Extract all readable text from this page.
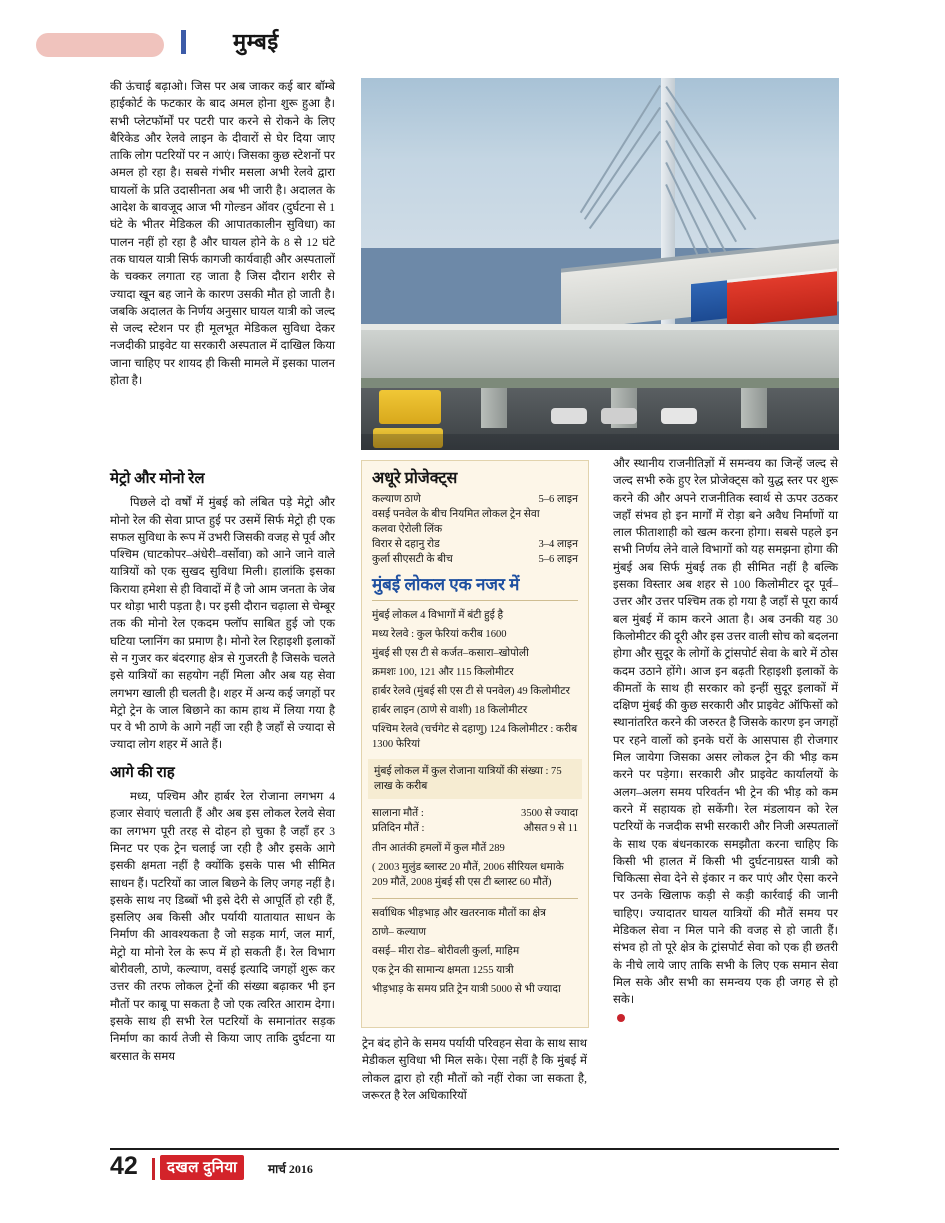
मुम्बई

की ऊंचाई बढ़ाओ। जिस पर अब जाकर कई बार बॉम्बे हाईकोर्ट के फटकार के बाद अमल होना शुरू हुआ है। सभी प्लेटफॉर्मों पर पटरी पार करने से रोकने के लिए बैरिकेड और रेलवे लाइन के दीवारों से घेर दिया जाए ताकि लोग पटरियों पर न आएं। जिसका कुछ स्टेशनों पर अमल हो रहा है। सबसे गंभीर मसला अभी रेलवे द्वारा घायलों के प्रति उदासीनता अब भी जारी है। अदालत के आदेश के बावजूद आज भी गोल्डन ऑवर (दुर्घटना से 1 घंटे के भीतर मेडिकल की आपातकालीन सुविधा) का पालन नहीं हो रहा है और घायल होने के 8 से 12 घंटे तक घायल यात्री सिर्फ कागजी कार्यवाही और अस्पतालों के चक्कर लगाता रह जाता है जिस दौरान शरीर से ज्यादा खून बह जाने के कारण उसकी मौत हो जाती है। जबकि अदालत के निर्णय अनुसार घायल यात्री को जल्द से जल्द स्टेशन पर ही मूलभूत मेडिकल सुविधा देकर नजदीकी प्राइवेट या सरकारी अस्पताल में दाखिल किया जाना चाहिए पर शायद ही किसी मामले में इसका पालन होता है।

मेट्रो और मोनो रेल

पिछले दो वर्षों में मुंबई को लंबित पड़े मेट्रो और मोनो रेल की सेवा प्राप्त हुई पर उसमें सिर्फ मेट्रो ही एक सफल सुविधा के रूप में उभरी जिसकी वजह से पूर्व और पश्चिम (घाटकोपर–अंधेरी–वर्सोवा) को आने जाने वाले यात्रियों को एक सुखद सुविधा मिली। हालांकि इसका किराया हमेशा से ही विवादों में है जो आम जनता के जेब पर थोड़ा भारी पड़ता है। पर इसी दौरान चढ़ाला से चेम्बूर तक की मोनो रेल एकदम फ्लॉप साबित हुई जो एक घटिया प्लानिंग का प्रमाण है। मोनो रेल रिहाइशी इलाकों से न गुजर कर बंदरगाह क्षेत्र से गुजरती है जिसके चलते इसे यात्रियों का सहयोग नहीं मिला और अब यह सेवा लगभग खाली ही चलती है। शहर में अन्य कई जगहों पर मेट्रो ट्रेन के जाल बिछाने का काम हाथ में लिया गया है पर वे भी ठाणे के आगे नहीं जा रही है जहाँ से ज्यादा से ज्यादा लोग शहर में आते हैं।

आगे की राह

मध्य, पश्चिम और हार्बर रेल रोजाना लगभग 4 हजार सेवाएं चलाती हैं और अब इस लोकल रेलवे सेवा का लगभग पूरी तरह से दोहन हो चुका है जहाँ हर 3 मिनट पर एक ट्रेन चलाई जा रही है और इसके आगे इसकी क्षमता नहीं है क्योंकि इसके पास भी सीमित साधन हैं। पटरियों का जाल बिछने के लिए जगह नहीं है। इसके साथ नए डिब्बों भी इसे देरी से आपूर्ति हो रही हैं, इसलिए अब किसी और पर्यायी यातायात साधन के निर्माण की आवश्यकता है जो सड़क मार्ग, जल मार्ग, मेट्रो या मोनो रेल के रूप में हो सकती हैं। रेल विभाग बोरीवली, ठाणे, कल्याण, वसई इत्यादि जगहों शुरू कर उत्तर की तरफ लोकल ट्रेनों की संख्या बढ़ाकर भी इन मौतों पर काबू पा सकता है जो एक त्वरित आराम देगा। इसके साथ ही सभी रेल पटरियों के समानांतर सड़क निर्माण का कार्य तेजी से किया जाए ताकि दुर्घटना या बरसात के समय

अधूरे प्रोजेक्ट्स
कल्याण ठाणे	5–6 लाइन
वसई पनवेल के बीच नियमित लोकल ट्रेन सेवा
कलवा ऐरोली लिंक
विरार से दहानु रोड	3–4 लाइन
कुर्ला सीएसटी के बीच	5–6 लाइन
मुंबई लोकल एक नजर में
मुंबई लोकल 4 विभागों में बंटी हुई है
मध्य रेलवे : कुल फेरियां करीब 1600
मुंबई सी एस टी से कर्जत–कसारा–खोपोली
क्रमशः 100, 121 और 115 किलोमीटर
हार्बर रेलवे (मुंबई सी एस टी से पनवेल) 49 किलोमीटर
हार्बर लाइन (ठाणे से वाशी) 18 किलोमीटर
पश्चिम रेलवे (चर्चगेट से दहाणु) 124 किलोमीटर : करीब 1300 फेरियां
मुंबई लोकल में कुल रोजाना यात्रियों की संख्या : 75 लाख के करीब
सालाना मौतें :	3500 से ज्यादा
प्रतिदिन मौतें :	औसत 9 से 11
तीन आतंकी हमलों में कुल मौतें 289
( 2003 मुलुंड ब्लास्ट 20 मौतें, 2006 सीरियल धमाके 209 मौतें, 2008 मुंबई सी एस टी ब्लास्ट 60 मौतें)
सर्वाधिक भीड़भाड़ और खतरनाक मौतों का क्षेत्र
ठाणे– कल्याण
वसई– मीरा रोड– बोरीवली कुर्ला, माहिम
एक ट्रेन की सामान्य क्षमता 1255 यात्री
भीड़भाड़ के समय प्रति ट्रेन यात्री 5000 से भी ज्यादा

ट्रेन बंद होने के समय पर्यायी परिवहन सेवा के साथ साथ मेडीकल सुविधा भी मिल सके। ऐसा नहीं है कि मुंबई में लोकल द्वारा हो रही मौतों को नहीं रोका जा सकता है, जरूरत है रेल अधिकारियों

और स्थानीय राजनीतिज्ञों में समन्वय का जिन्हें जल्द से जल्द सभी रुके हुए रेल प्रोजेक्ट्स को युद्ध स्तर पर शुरू करने की और अपने राजनीतिक स्वार्थ से ऊपर उठकर जहाँ संभव हो इन मार्गों में रोड़ा बने अवैध निर्माणों या लाल फीताशाही को खत्म करना होगा। सबसे पहले इन सभी निर्णय लेने वाले विभागों को यह समझना होगा की मुंबई अब सिर्फ मुंबई तक ही सीमित नहीं है बल्कि इसका विस्तार अब शहर से 100 किलोमीटर दूर पूर्व–उत्तर और उत्तर पश्चिम तक हो गया है जहाँ से पूरा कार्य बल मुंबई में काम करने आता है। अब उनकी यह 30 किलोमीटर की दूरी और इस उत्तर वाली सोच को बदलना होगा और सुदूर के लोगों के ट्रांसपोर्ट सेवा के बारे में ठोस कदम उठाने होंगे। आज इन बढ़ती रिहाइशी इलाकों के कीमतों के साथ ही सरकार को इन्हीं सुदूर इलाकों में दक्षिण मुंबई की कुछ सरकारी और प्राइवेट ऑफिसों को स्थानांतरित करने की जरुरत है जिसके कारण इन जगहों पर रहने वालों को इनके घरों के आसपास ही रोजगार मिल जायेगा जिसका असर लोकल ट्रेन की भीड़ कम करने पर पड़ेगा। सरकारी और प्राइवेट कार्यालयों के अलग–अलग समय परिवर्तन भी ट्रेन की भीड़ को कम करने में सहायक हो सकेंगी। रेल मंडलायन को रेल पटरियों के नजदीक सभी सरकारी और निजी अस्पतालों के साथ एक बंधनकारक समझौता करना चाहिए कि किसी भी हालत में किसी भी दुर्घटनाग्रस्त यात्री को चिकित्सा सेवा देने से इंकार न कर पाएं और ऐसा करने पर उनके खिलाफ कड़ी से कड़ी कार्रवाई की जानी चाहिए। ज्यादातर घायल यात्रियों की मौतें समय पर मेडिकल सेवा न मिल पाने की वजह से हो जाती हैं। संभव हो तो पूरे क्षेत्र के ट्रांसपोर्ट सेवा को एक ही छतरी के नीचे लाये जाए ताकि सभी के लिए एक समान सेवा मिल सके और सभी का समन्वय एक ही जगह से हो सके।

42	दखल दुनिया	मार्च 2016
